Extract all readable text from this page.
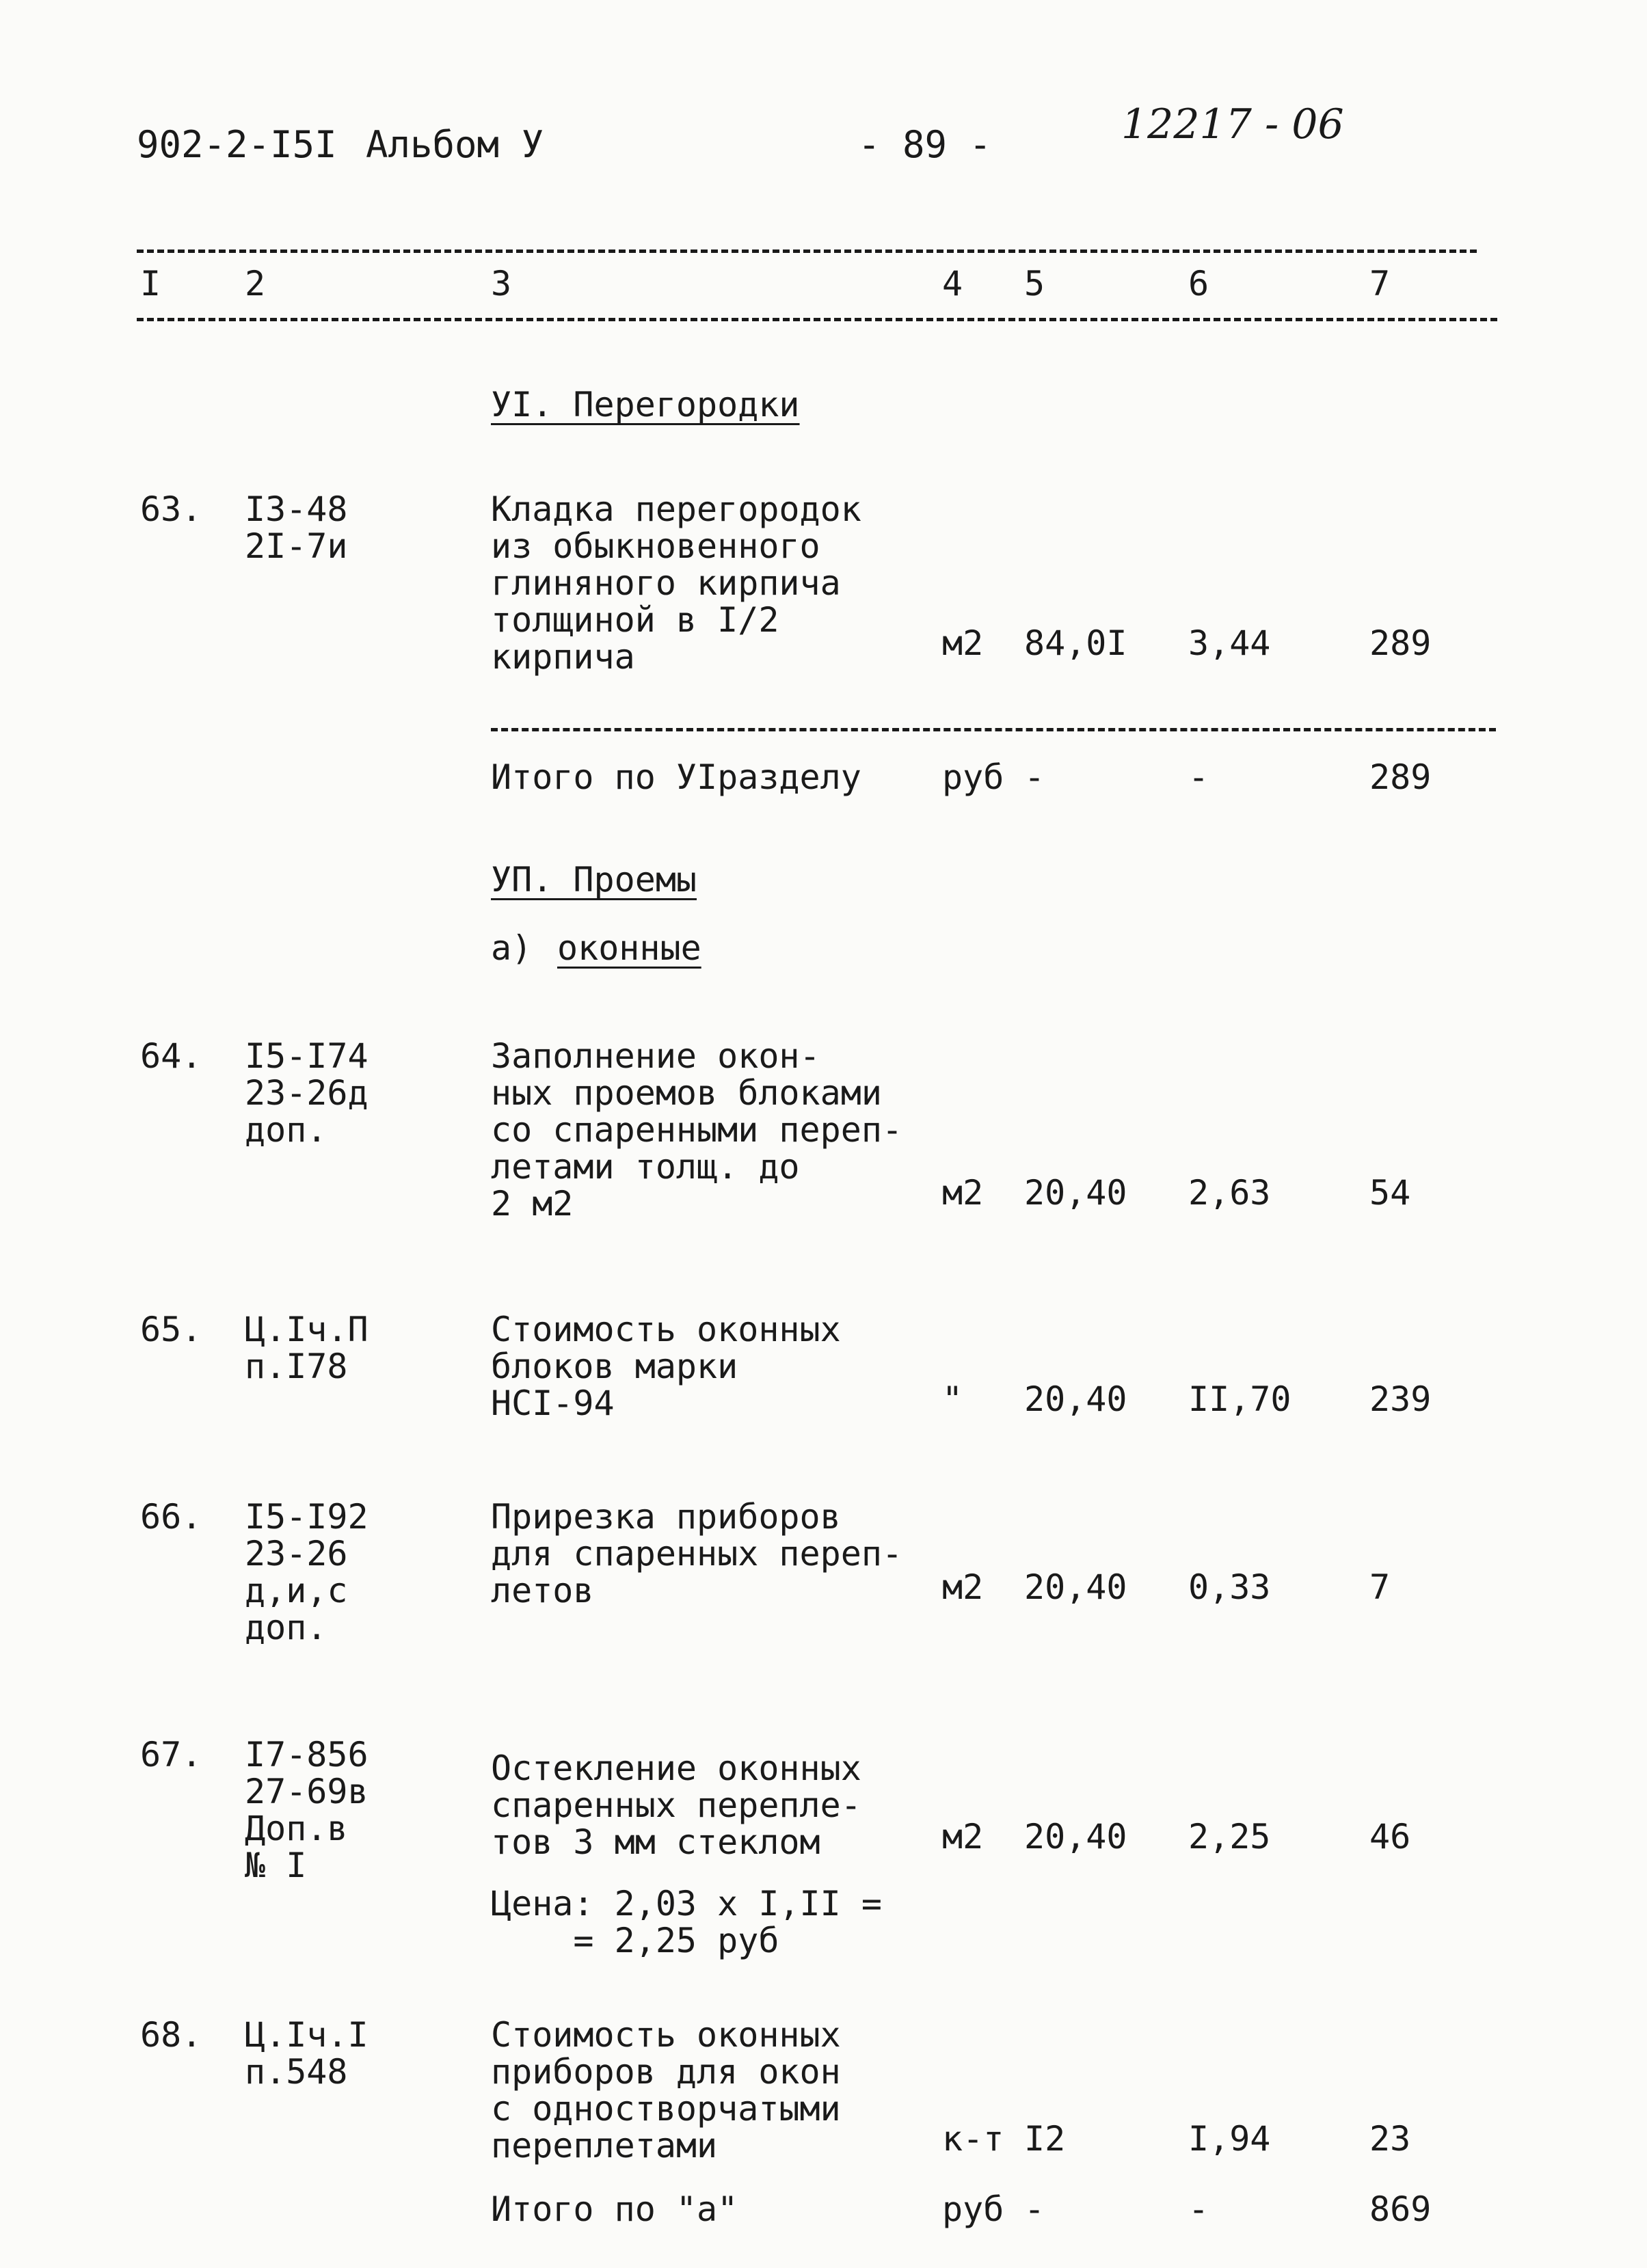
902-2-I5I Альбом У	- 89 -	12217 - 06
I 2	3	4 5	6	7
УI. Перегородки
63. I3-48
2I-7и
Кладка перегородок
из обыкновенного
глиняного кирпича
толщиной в I/2
кирпича	м2 84,0I 3,44	289
Итого по УIразделу руб -	-	289
УП. Проемы
а) оконные
64. I5-I74
23-26д
доп.
Заполнение окон-
ных проемов блоками
со спаренными переп-
летами толщ. до
2 м2	м2 20,40 2,63	54
65. Ц.Iч.П
п.I78
Стоимость оконных
блоков марки
НСI-94	" 20,40 II,70 239
66. I5-I92
23-26
д,и,с
доп.
Прирезка приборов
для спаренных переп-
летов	м2 20,40 0,33	7
67. I7-856
27-69в
Доп.в
№ I
Остекление оконных
спаренных перепле-
тов 3 мм стеклом	м2 20,40 2,25	46
Цена: 2,03 х I,II =
= 2,25 руб
68. Ц.Iч.I
п.548
Стоимость оконных
приборов для окон
с одностворчатыми
переплетами	к-т I2	I,94	23
Итого по "а"	руб -	-	869
